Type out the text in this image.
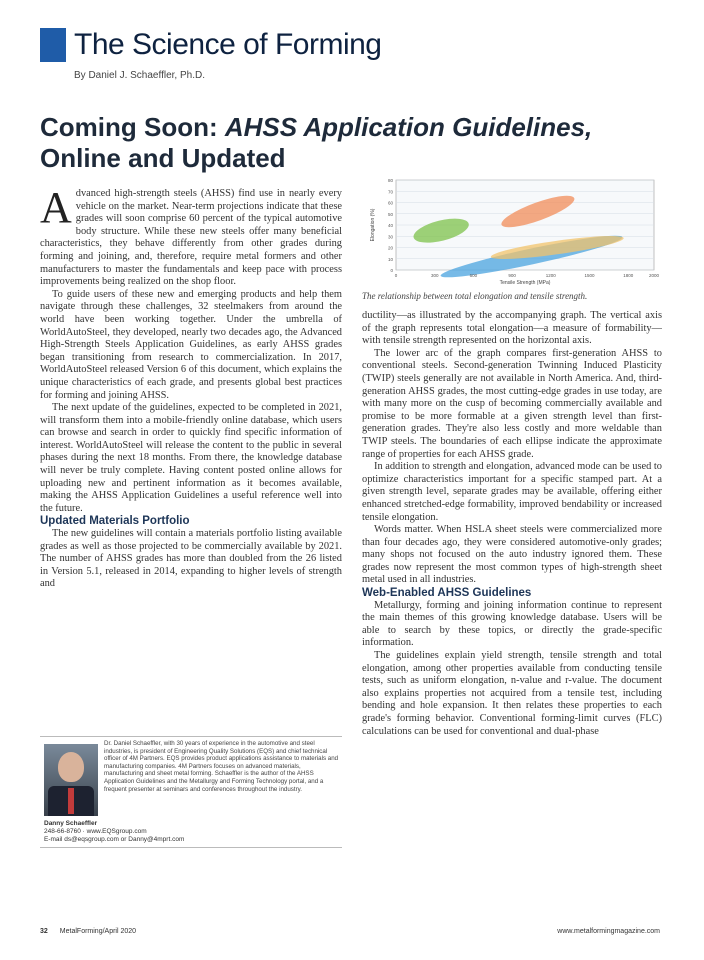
The Science of Forming
By Daniel J. Schaeffler, Ph.D.
Coming Soon: AHSS Application Guidelines,
Online and Updated

Advanced high-strength steels (AHSS) find use in nearly every vehicle on the market. Near-term projections indicate that these grades will soon comprise 60 percent of the typical automotive body structure. While these new steels offer many beneficial characteristics, they behave differently from other grades during forming and joining, and, therefore, require metal formers and other manufacturers to master the fundamentals and keep pace with process improvements being realized on the shop floor.

To guide users of these new and emerging products and help them navigate through these challenges, 32 steelmakers from around the world have been working together. Under the umbrella of WorldAutoSteel, they developed, nearly two decades ago, the Advanced High-Strength Steels Application Guidelines, as early AHSS grades began transitioning from research to commercialization. In 2017, WorldAutoSteel released Version 6 of this document, which explains the unique characteristics of each grade, and presents global best practices for forming and joining AHSS.

The next update of the guidelines, expected to be completed in 2021, will transform them into a mobile-friendly online database, which users can browse and search in order to quickly find specific information of interest. WorldAutoSteel will release the content to the public in several phases during the next 18 months. From there, the knowledge database will never be truly complete. Having content posted online allows for uploading new and pertinent information as it becomes available, making the AHSS Application Guidelines a useful reference well into the future.

Updated Materials Portfolio

The new guidelines will contain a materials portfolio listing available grades as well as those projected to be commercially available by 2021. The number of AHSS grades has more than doubled from the 26 listed in Version 5.1, released in 2014, expanding to higher levels of strength and

0
10
20
30
40
50
60
70
80
0	300	600	900	1200	1500	1800	2000
Tensile Strength (MPa)
Elongation (%)
The relationship between total elongation and tensile strength.

ductility—as illustrated by the accompanying graph. The vertical axis of the graph represents total elongation—a measure of formability—with tensile strength represented on the horizontal axis.

The lower arc of the graph compares first-generation AHSS to conventional steels. Second-generation Twinning Induced Plasticity (TWIP) steels generally are not available in North America. And, third-generation AHSS grades, the most cutting-edge grades in use today, are with many more on the cusp of becoming commercially available and promise to be more formable at a given strength level than first-generation grades. They're also less costly and more weldable than TWIP steels. The boundaries of each ellipse indicate the approximate range of properties for each AHSS grade.

In addition to strength and elongation, advanced mode can be used to optimize characteristics important for a specific stamped part. At a given strength level, separate grades may be available, offering either enhanced stretched-edge formability, improved bendability or increased tensile elongation.

Words matter. When HSLA sheet steels were commercialized more than four decades ago, they were considered automotive-only grades; many shops not focused on the auto industry ignored them. These grades now represent the most common types of high-strength sheet metal used in all industries.

Web-Enabled AHSS Guidelines

Metallurgy, forming and joining information continue to represent the main themes of this growing knowledge database. Users will be able to search by these topics, or directly the grade-specific information.

The guidelines explain yield strength, tensile strength and total elongation, among other properties available from conducting tensile tests, such as uniform elongation, n-value and r-value. The document also explains properties not acquired from a tensile test, including bending and hole expansion. It then relates these properties to each grade's forming behavior. Conventional forming-limit curves (FLC) calculations can be used for conventional and dual-phase

Dr. Daniel Schaeffler, with 30 years of experience in the automotive and steel industries, is president of Engineering Quality Solutions (EQS) and chief technical officer of 4M Partners. EQS provides product applications assistance to materials and manufacturing companies. 4M Partners focuses on advanced materials, manufacturing and sheet metal forming. Schaeffler is the author of the AHSS Application Guidelines and the Metallurgy and Forming Technology portal, and a frequent presenter at seminars and conferences throughout the industry.
Danny Schaeffler
248-66-8760 · www.EQSgroup.com
E-mail ds@eqsgroup.com or Danny@4mprt.com
32 MetalForming/April 2020	www.metalformingmagazine.com
